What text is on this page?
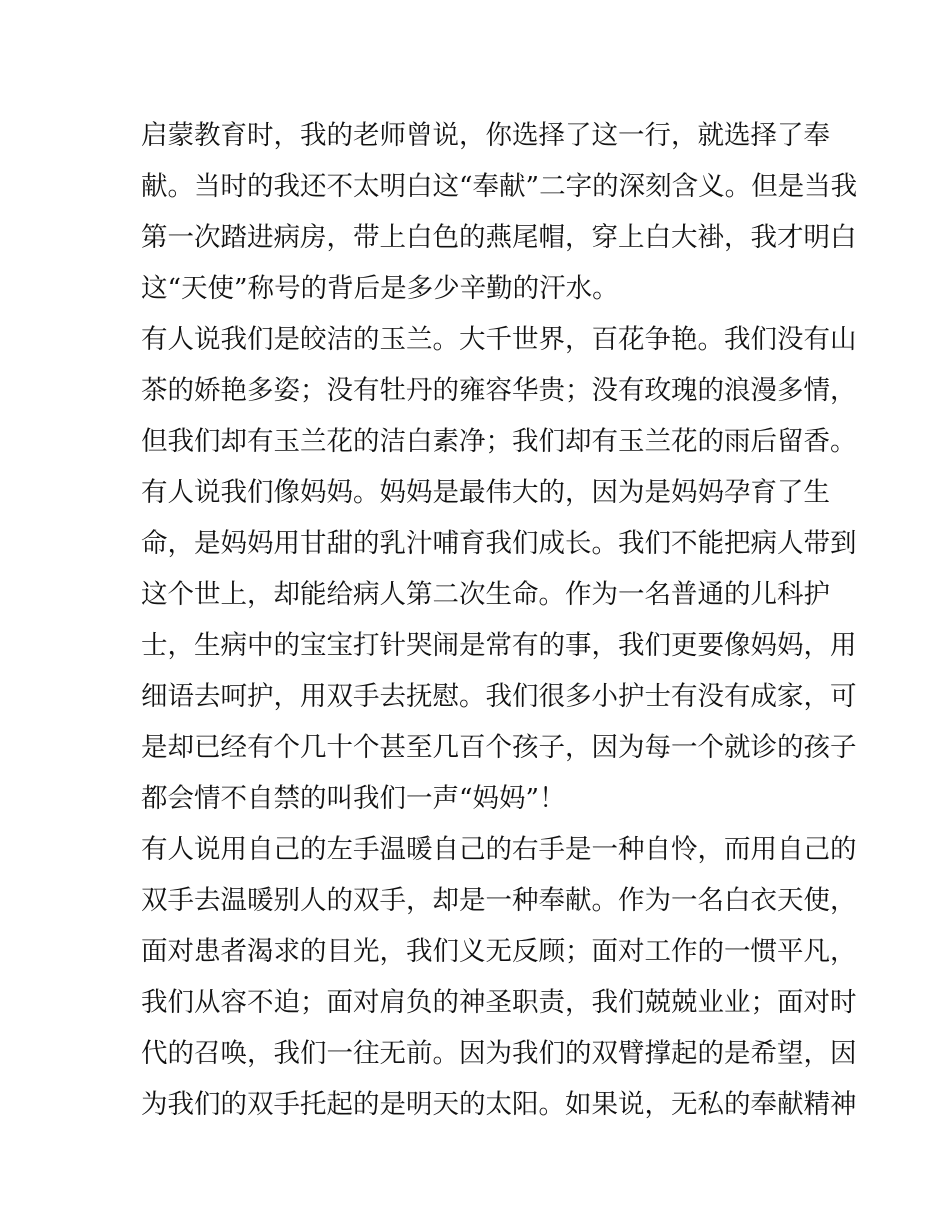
启蒙教育时，我的老师曾说，你选择了这一行，就选择了奉
献。当时的我还不太明白这“奉献”二字的深刻含义。但是当我
第一次踏进病房，带上白色的燕尾帽，穿上白大褂，我才明白
这“天使”称号的背后是多少辛勤的汗水。
有人说我们是皎洁的玉兰。大千世界，百花争艳。我们没有山
茶的娇艳多姿；没有牡丹的雍容华贵；没有玫瑰的浪漫多情，
但我们却有玉兰花的洁白素净；我们却有玉兰花的雨后留香。
有人说我们像妈妈。妈妈是最伟大的，因为是妈妈孕育了生
命，是妈妈用甘甜的乳汁哺育我们成长。我们不能把病人带到
这个世上，却能给病人第二次生命。作为一名普通的儿科护
士，生病中的宝宝打针哭闹是常有的事，我们更要像妈妈，用
细语去呵护，用双手去抚慰。我们很多小护士有没有成家，可
是却已经有个几十个甚至几百个孩子，因为每一个就诊的孩子
都会情不自禁的叫我们一声“妈妈”！
有人说用自己的左手温暖自己的右手是一种自怜，而用自己的
双手去温暖别人的双手，却是一种奉献。作为一名白衣天使，
面对患者渴求的目光，我们义无反顾；面对工作的一惯平凡，
我们从容不迫；面对肩负的神圣职责，我们兢兢业业；面对时
代的召唤，我们一往无前。因为我们的双臂撑起的是希望，因
为我们的双手托起的是明天的太阳。如果说，无私的奉献精神
